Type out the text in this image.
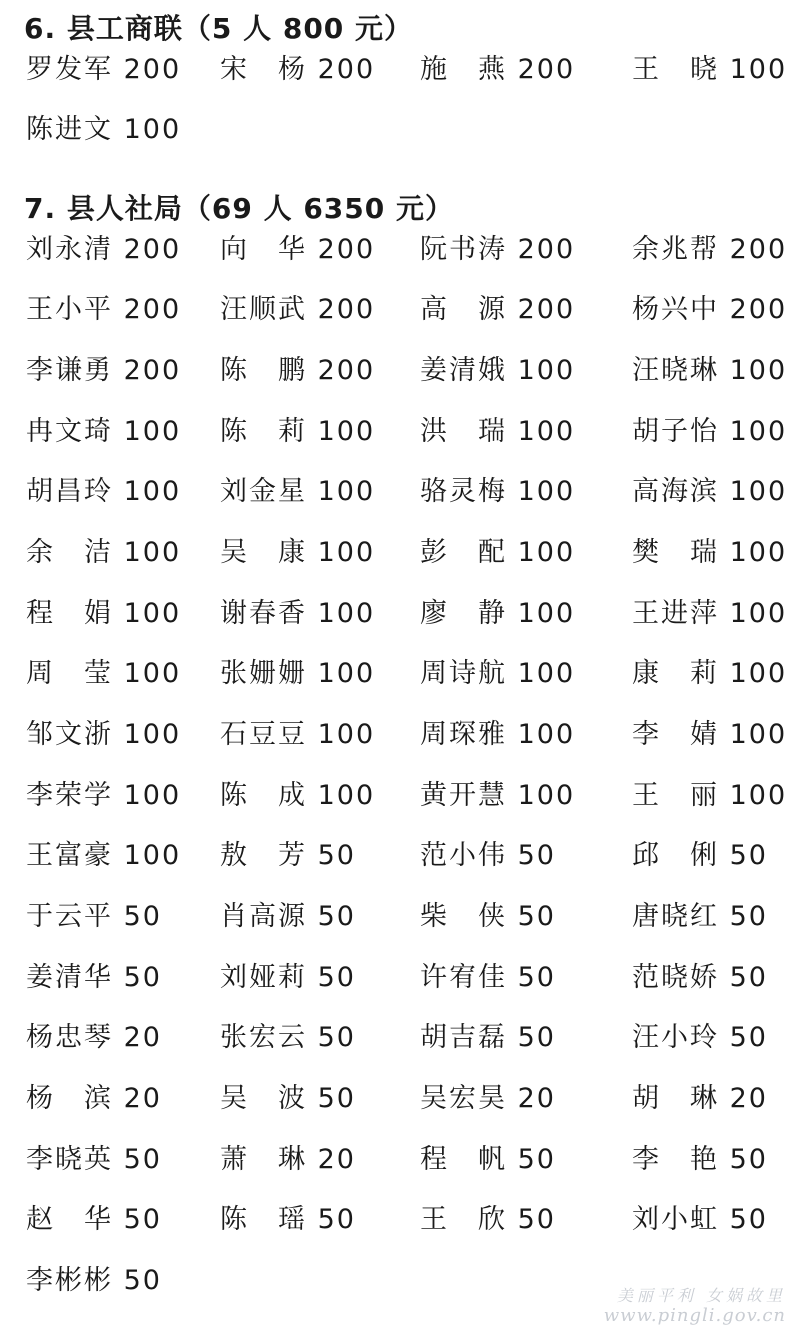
6. 县工商联（5 人 800 元）
罗发军 200 宋　杨 200 施　燕 200 王　晓 100
陈进文 100
7. 县人社局（69 人 6350 元）
刘永清 200 向　华 200 阮书涛 200 余兆帮 200
王小平 200 汪顺武 200 高　源 200 杨兴中 200
李谦勇 200 陈　鹏 200 姜清娥 100 汪晓琳 100
冉文琦 100 陈　莉 100 洪　瑞 100 胡子怡 100
胡昌玲 100 刘金星 100 骆灵梅 100 高海滨 100
余　洁 100 吴　康 100 彭　配 100 樊　瑞 100
程　娟 100 谢春香 100 廖　静 100 王进萍 100
周　莹 100 张姗姗 100 周诗航 100 康　莉 100
邹文浙 100 石豆豆 100 周琛雅 100 李　婧 100
李荣学 100 陈　成 100 黄开慧 100 王　丽 100
王富豪 100 敖　芳 50 范小伟 50	邱　俐 50
于云平 50 肖高源 50 柴　侠 50	唐晓红 50
姜清华 50 刘娅莉 50 许宥佳 50	范晓娇 50
杨忠琴 20 张宏云 50 胡吉磊 50	汪小玲 50
杨　滨 20 吴　波 50 吴宏昊 20	胡　琳 20
李晓英 50 萧　琳 20 程　帆 50	李　艳 50
赵　华 50 陈　瑶 50 王　欣 50	刘小虹 50
李彬彬 50	美丽平利 女娲故里
www.pingli.gov.cn
